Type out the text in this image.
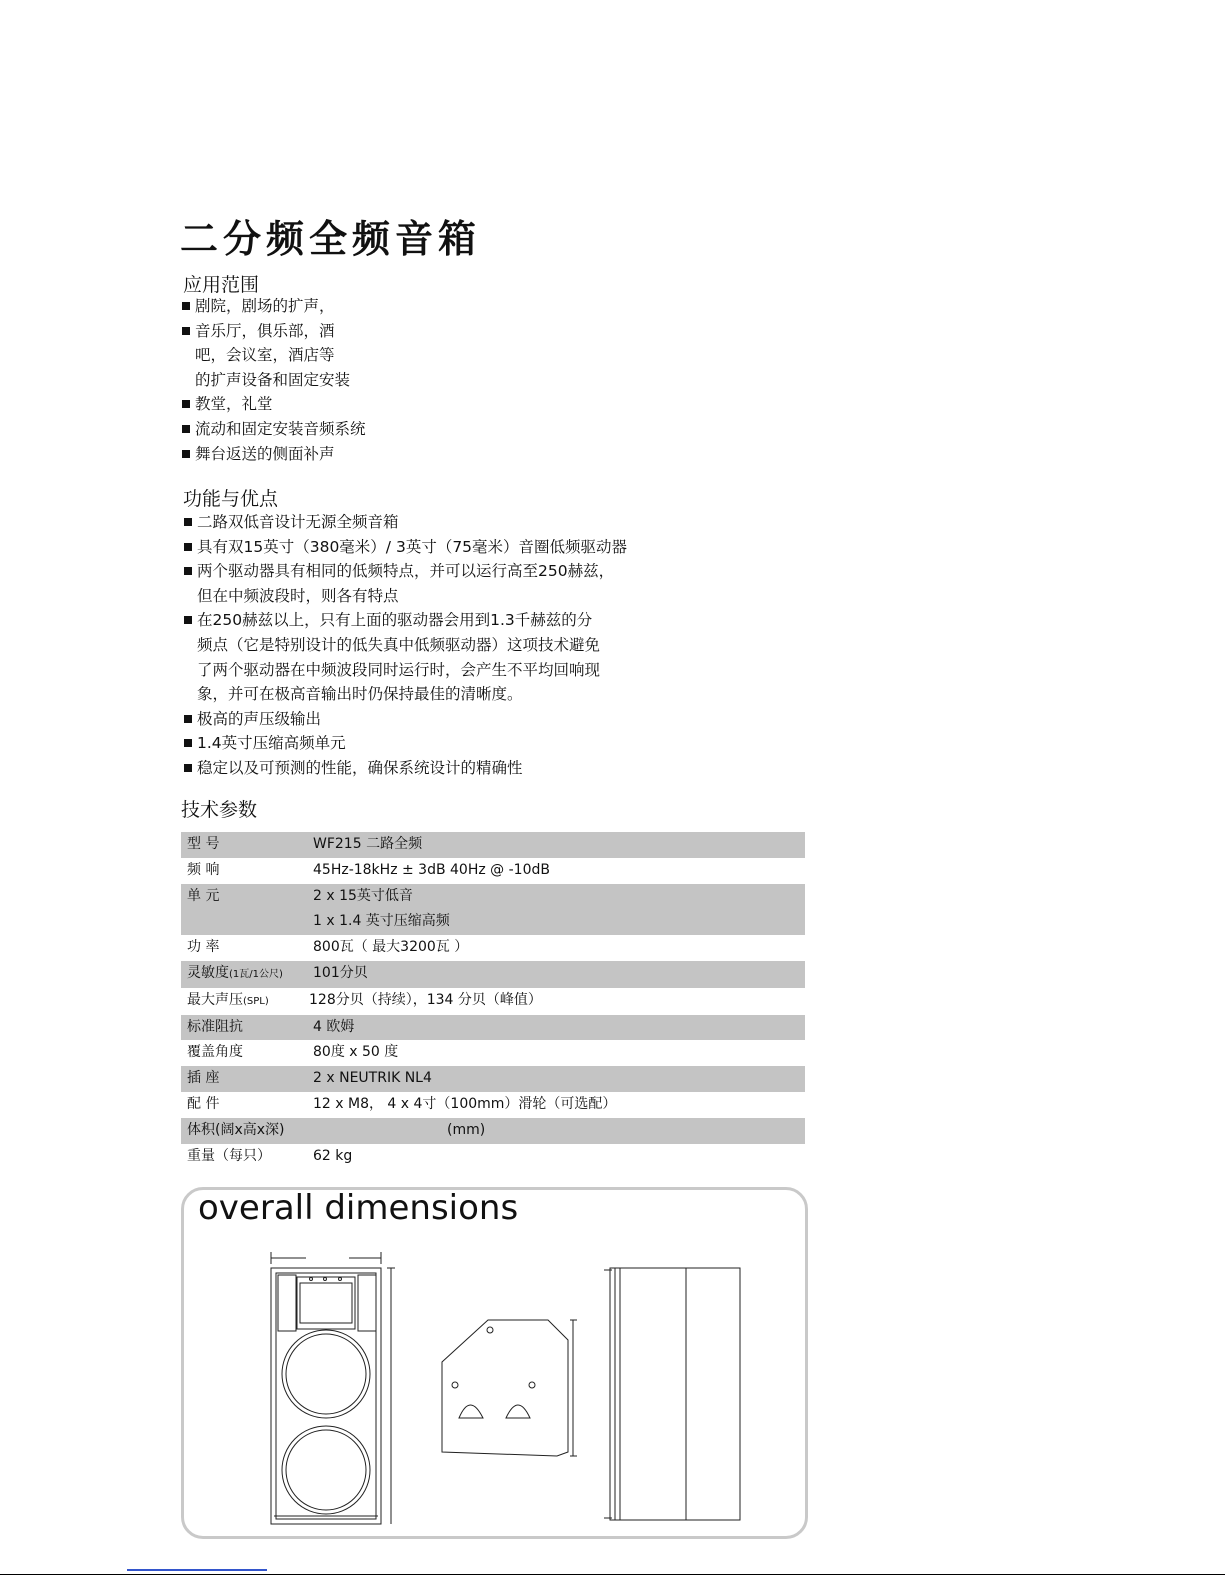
二分频全频音箱
应用范围
剧院，剧场的扩声，
音乐厅，俱乐部，酒
吧，会议室，酒店等
的扩声设备和固定安装
教堂，礼堂
流动和固定安装音频系统
舞台返送的侧面补声
功能与优点
二路双低音设计无源全频音箱
具有双15英寸（380毫米）/ 3英寸（75毫米）音圈低频驱动器
两个驱动器具有相同的低频特点，并可以运行高至250赫兹，
但在中频波段时，则各有特点
在250赫兹以上，只有上面的驱动器会用到1.3千赫兹的分
频点（它是特别设计的低失真中低频驱动器）这项技术避免
了两个驱动器在中频波段同时运行时，会产生不平均回响现
象，并可在极高音输出时仍保持最佳的清晰度。
极高的声压级输出
1.4英寸压缩高频单元
稳定以及可预测的性能，确保系统设计的精确性
技术参数
型 号	WF215 二路全频
频 响	45Hz-18kHz ± 3dB 40Hz @ -10dB
单 元	2 x 15英寸低音
1 x 1.4 英寸压缩高频

功 率	800瓦（ 最大3200瓦 ）
灵敏度(1瓦/1公尺)	101分贝
最大声压(SPL)	128分贝（持续），134 分贝（峰值）
标准阻抗	4 欧姆
覆盖角度	80度 x 50 度
插 座	2 x NEUTRIK NL4
配 件	12 x M8， 4 x 4寸（100mm）滑轮（可选配）
体积(阔x高x深)	(mm)
重量（每只）	62 kg
overall dimensions
